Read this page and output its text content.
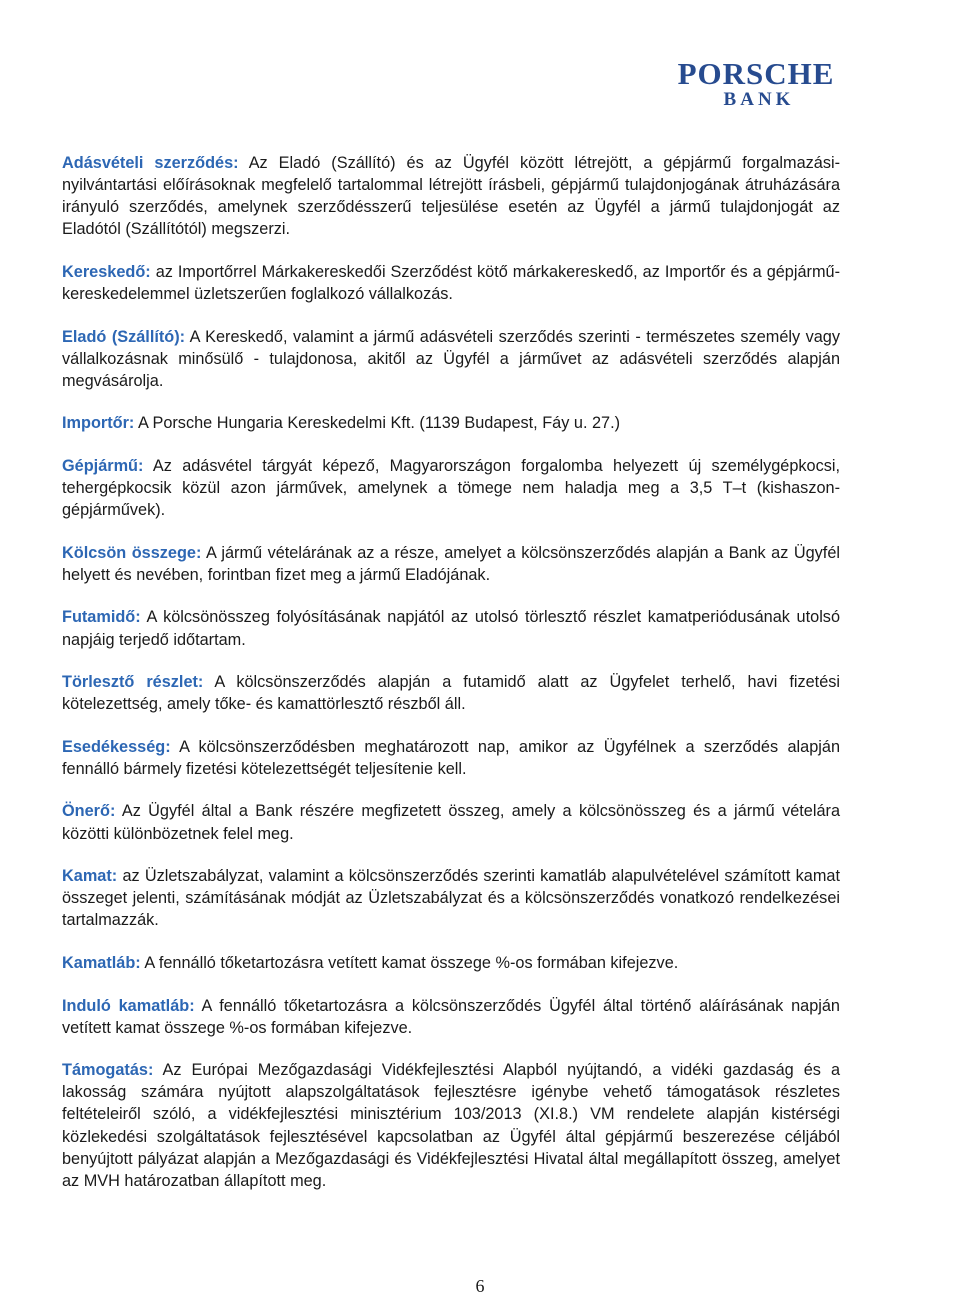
PORSCHE
BANK

Adásvételi szerződés: Az Eladó (Szállító) és az Ügyfél között létrejött, a gépjármű forgalmazási-nyilvántartási előírásoknak megfelelő tartalommal létrejött írásbeli, gépjármű tulajdonjogának átruházására irányuló szerződés, amelynek szerződésszerű teljesülése esetén az Ügyfél a jármű tulajdonjogát az Eladótól (Szállítótól) megszerzi.

Kereskedő: az Importőrrel Márkakereskedői Szerződést kötő márkakereskedő, az Importőr és a gépjármű-kereskedelemmel üzletszerűen foglalkozó vállalkozás.

Eladó (Szállító): A Kereskedő, valamint a jármű adásvételi szerződés szerinti - természetes személy vagy vállalkozásnak minősülő - tulajdonosa, akitől az Ügyfél a járművet az adásvételi szerződés alapján megvásárolja.

Importőr: A Porsche Hungaria Kereskedelmi Kft. (1139 Budapest, Fáy u. 27.)

Gépjármű: Az adásvétel tárgyát képező, Magyarországon forgalomba helyezett új személygépkocsi, tehergépkocsik közül azon járművek, amelynek a tömege nem haladja meg a 3,5 T–t (kishaszon-gépjárművek).

Kölcsön összege: A jármű vételárának az a része, amelyet a kölcsönszerződés alapján a Bank az Ügyfél helyett és nevében, forintban fizet meg a jármű Eladójának.

Futamidő: A kölcsönösszeg folyósításának napjától az utolsó törlesztő részlet kamatperiódusának utolsó napjáig terjedő időtartam.

Törlesztő részlet: A kölcsönszerződés alapján a futamidő alatt az Ügyfelet terhelő, havi fizetési kötelezettség, amely tőke- és kamattörlesztő részből áll.

Esedékesség: A kölcsönszerződésben meghatározott nap, amikor az Ügyfélnek a szerződés alapján fennálló bármely fizetési kötelezettségét teljesítenie kell.

Önerő: Az Ügyfél által a Bank részére megfizetett összeg, amely a kölcsönösszeg és a jármű vételára közötti különbözetnek felel meg.

Kamat: az Üzletszabályzat, valamint a kölcsönszerződés szerinti kamatláb alapulvételével számított kamat összeget jelenti, számításának módját az Üzletszabályzat és a kölcsönszerződés vonatkozó rendelkezései tartalmazzák.

Kamatláb: A fennálló tőketartozásra vetített kamat összege %-os formában kifejezve.

Induló kamatláb: A fennálló tőketartozásra a kölcsönszerződés Ügyfél által történő aláírásának napján vetített kamat összege %-os formában kifejezve.

Támogatás: Az Európai Mezőgazdasági Vidékfejlesztési Alapból nyújtandó, a vidéki gazdaság és a lakosság számára nyújtott alapszolgáltatások fejlesztésre igénybe vehető támogatások részletes feltételeiről szóló, a vidékfejlesztési minisztérium 103/2013 (XI.8.) VM rendelete alapján kistérségi közlekedési szolgáltatások fejlesztésével kapcsolatban az Ügyfél által gépjármű beszerezése céljából benyújtott pályázat alapján a Mezőgazdasági és Vidékfejlesztési Hivatal által megállapított összeg, amelyet az MVH határozatban állapított meg.

6
